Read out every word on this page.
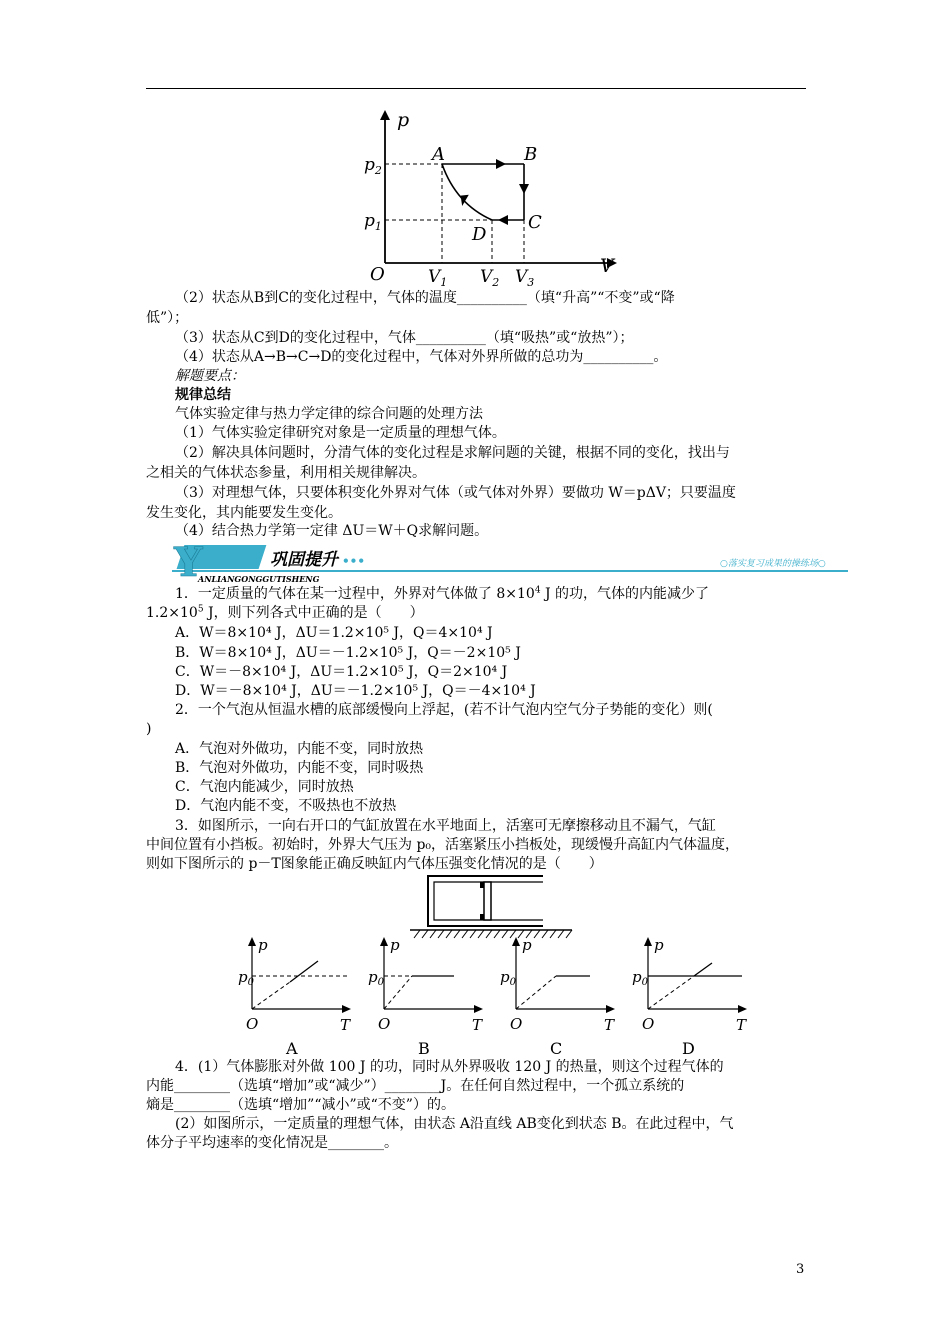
p
V
O
$p_2$
$p_1$
$V_1$ $V_2$ $V_3$
A	B
C
D
（2）状态从B到C的变化过程中，气体的温度__________（填“升高”“不变”或“降
低”）；
（3）状态从C到D的变化过程中，气体__________（填“吸热”或“放热”）；
（4）状态从A→B→C→D的变化过程中，气体对外界所做的总功为__________。
解题要点：
规律总结
气体实验定律与热力学定律的综合问题的处理方法
（1）气体实验定律研究对象是一定质量的理想气体。
（2）解决具体问题时，分清气体的变化过程是求解问题的关键，根据不同的变化，找出与
之相关的气体状态参量，利用相关规律解决。
（3）对理想气体，只要体积变化外界对气体（或气体对外界）要做功 W＝pΔV；只要温度
发生变化，其内能要发生变化。
（4）结合热力学第一定律 ΔU＝W＋Q求解问题。
Y	巩固提升 •••
ANLIANGONGGUTISHENG
○落实复习成果的操练场○
1．一定质量的气体在某一过程中，外界对气体做了 $8\times 10^4$ J 的功，气体的内能减少了
$1.2\times 10^5$ J，则下列各式中正确的是（　　）
A．W＝8×10⁴ J，ΔU＝1.2×10⁵ J，Q＝4×10⁴ J
B．W＝8×10⁴ J，ΔU＝－1.2×10⁵ J，Q＝－2×10⁵ J
C．W＝－8×10⁴ J，ΔU＝1.2×10⁵ J，Q＝2×10⁴ J
D．W＝－8×10⁴ J，ΔU＝－1.2×10⁵ J，Q＝－4×10⁴ J
2．一个气泡从恒温水槽的底部缓慢向上浮起，(若不计气泡内空气分子势能的变化）则(
)
A．气泡对外做功，内能不变，同时放热
B．气泡对外做功，内能不变，同时吸热
C．气泡内能减少，同时放热
D．气泡内能不变，不吸热也不放热
3．如图所示，一向右开口的气缸放置在水平地面上，活塞可无摩擦移动且不漏气，气缸
中间位置有小挡板。初始时，外界大气压为 p₀，活塞紧压小挡板处，现缓慢升高缸内气体温度，
则如下图所示的 p－T图象能正确反映缸内气体压强变化情况的是（　　）
p
$p_0$
O	T
A
p
$p_0$
O	T
B
p
$p_0$
O	T
C
p
$p_0$
O	T
D
4．(1）气体膨胀对外做 100 J 的功，同时从外界吸收 120 J 的热量，则这个过程气体的
内能________（选填“增加”或“减少”）________J。在任何自然过程中，一个孤立系统的
熵是________（选填“增加”“减小”或“不变”）的。
(2）如图所示，一定质量的理想气体，由状态 A沿直线 AB变化到状态 B。在此过程中，气
体分子平均速率的变化情况是________。
3
